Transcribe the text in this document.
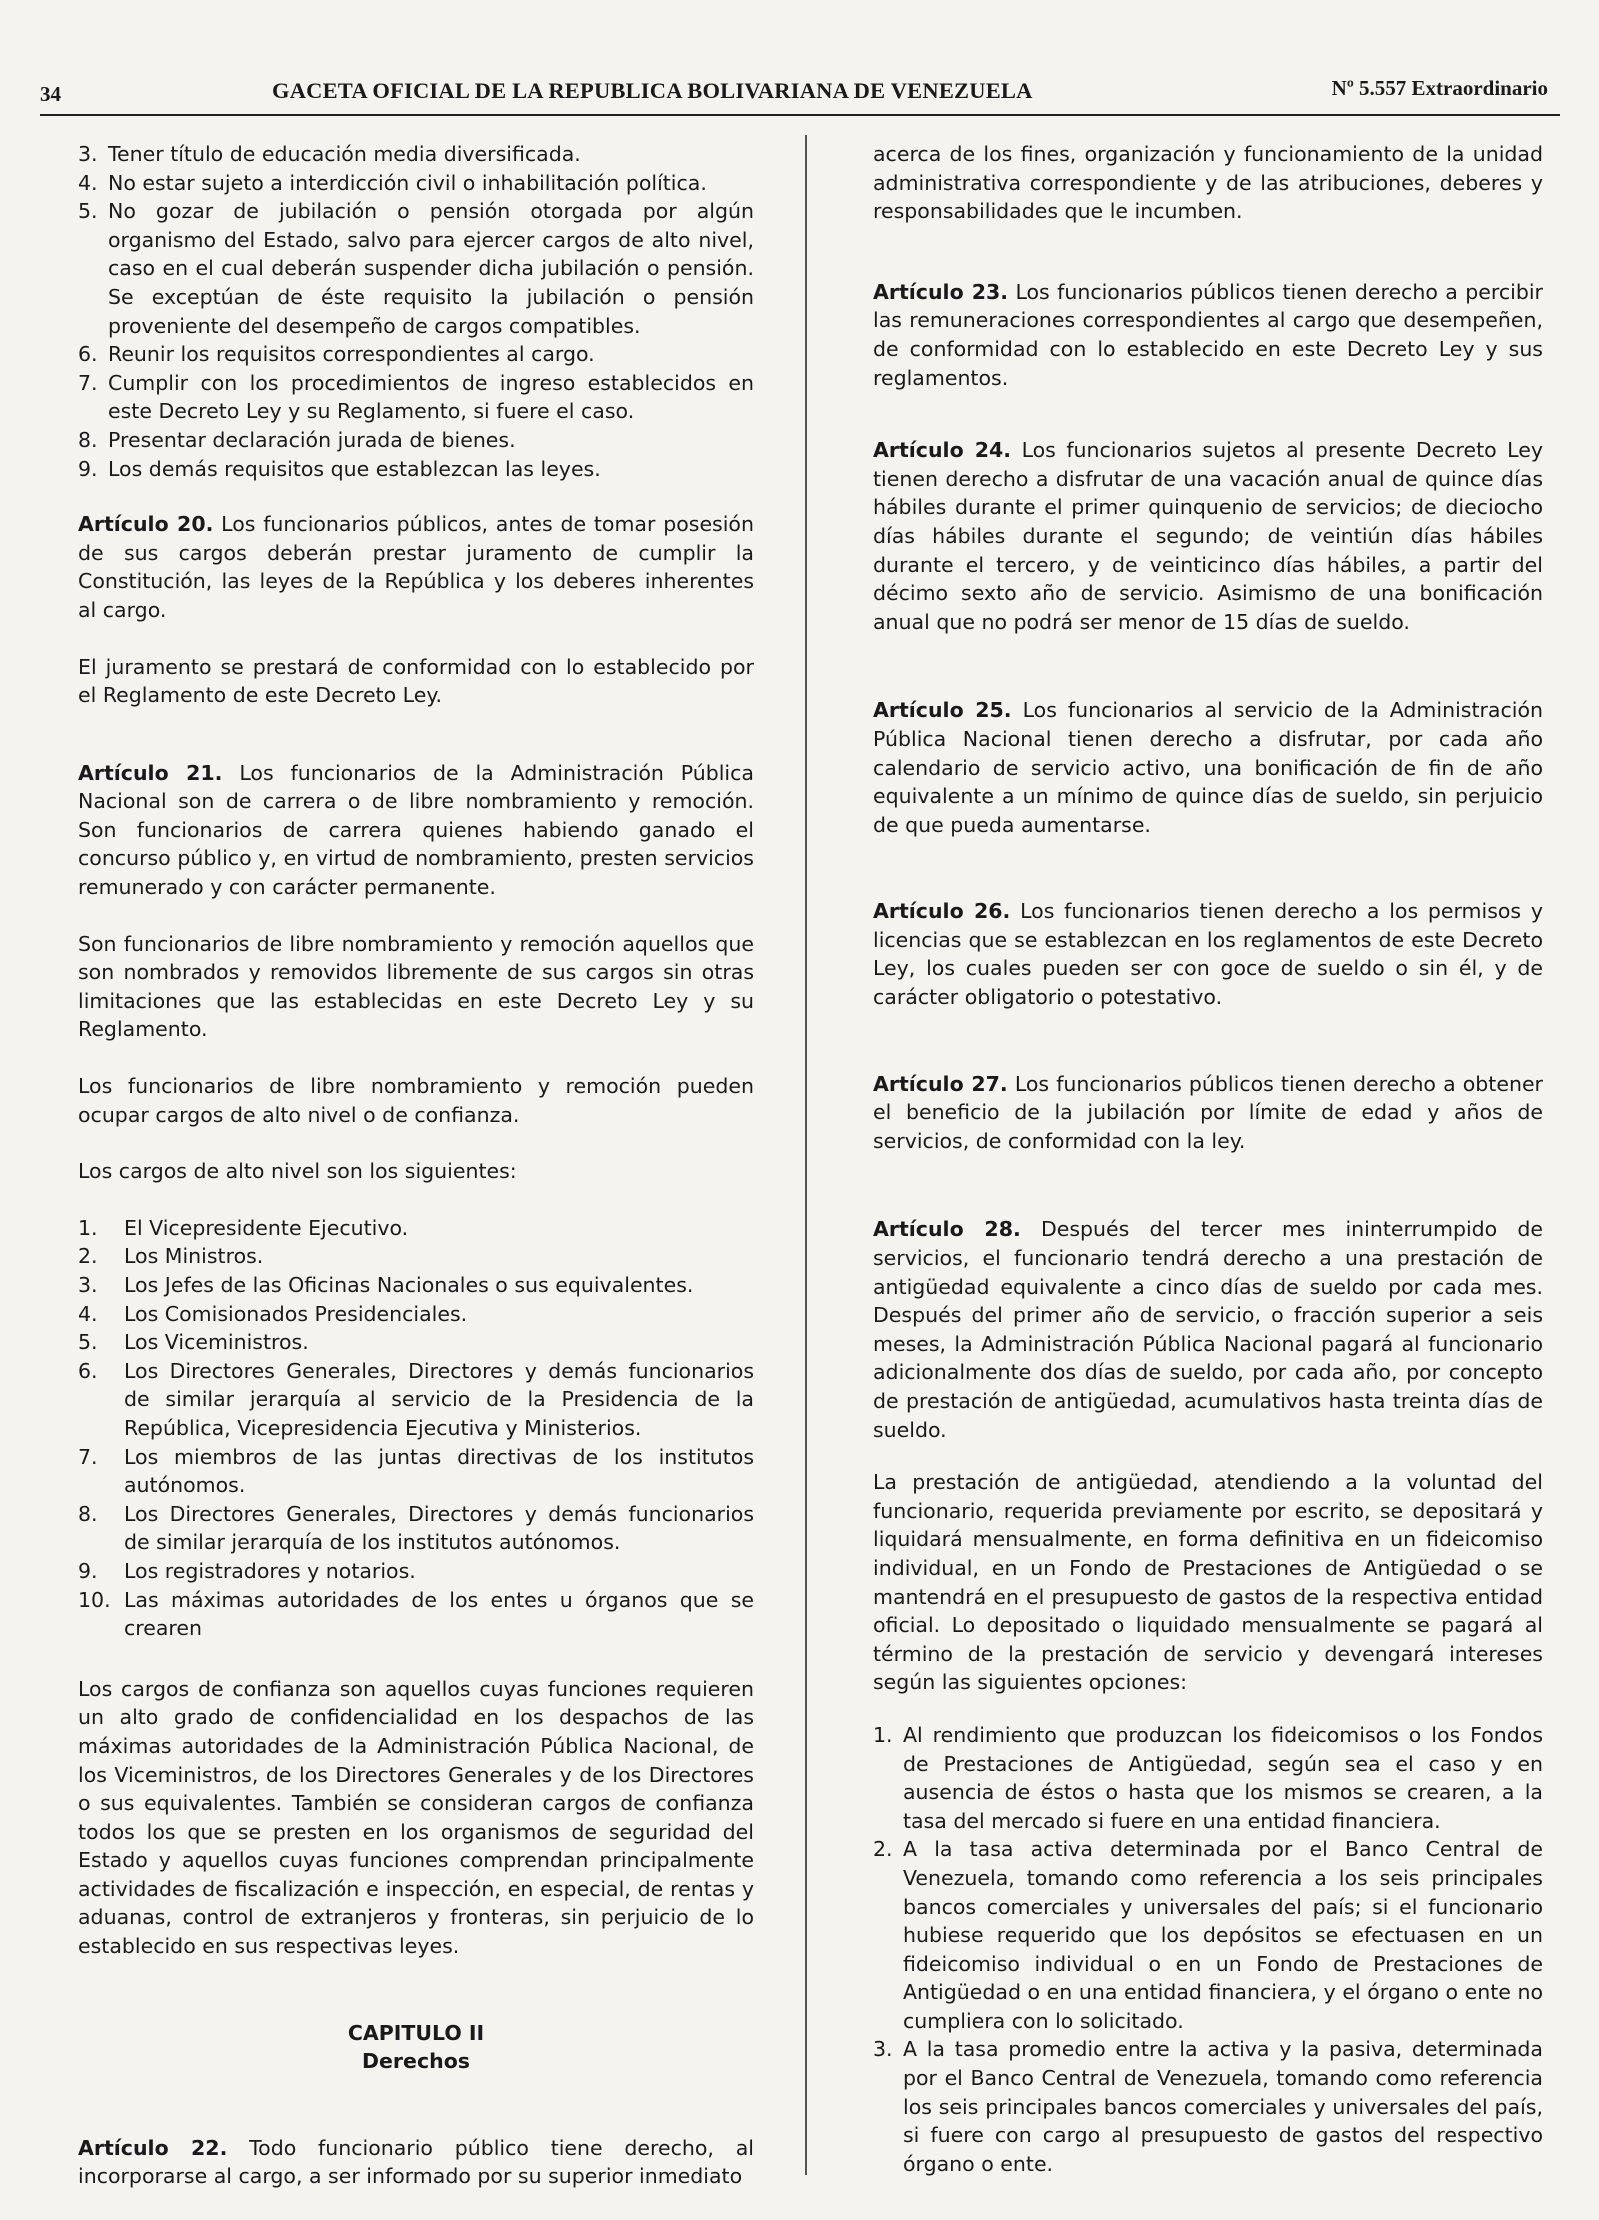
34	GACETA OFICIAL DE LA REPUBLICA BOLIVARIANA DE VENEZUELA	Nº 5.557 Extraordinario
3. Tener título de educación media diversificada.
4. No estar sujeto a interdicción civil o inhabilitación política.
5. No gozar de jubilación o pensión otorgada por algún organismo del Estado, salvo para ejercer cargos de alto nivel, caso en el cual deberán suspender dicha jubilación o pensión. Se exceptúan de éste requisito la jubilación o pensión proveniente del desempeño de cargos compatibles.
6. Reunir los requisitos correspondientes al cargo.
7. Cumplir con los procedimientos de ingreso establecidos en este Decreto Ley y su Reglamento, si fuere el caso.
8. Presentar declaración jurada de bienes.
9. Los demás requisitos que establezcan las leyes.

Artículo 20. Los funcionarios públicos, antes de tomar posesión de sus cargos deberán prestar juramento de cumplir la Constitución, las leyes de la República y los deberes inherentes al cargo.

El juramento se prestará de conformidad con lo establecido por el Reglamento de este Decreto Ley.

Artículo 21. Los funcionarios de la Administración Pública Nacional son de carrera o de libre nombramiento y remoción. Son funcionarios de carrera quienes habiendo ganado el concurso público y, en virtud de nombramiento, presten servicios remunerado y con carácter permanente.

Son funcionarios de libre nombramiento y remoción aquellos que son nombrados y removidos libremente de sus cargos sin otras limitaciones que las establecidas en este Decreto Ley y su Reglamento.

Los funcionarios de libre nombramiento y remoción pueden ocupar cargos de alto nivel o de confianza.

Los cargos de alto nivel son los siguientes:

1. El Vicepresidente Ejecutivo.
2. Los Ministros.
3. Los Jefes de las Oficinas Nacionales o sus equivalentes.
4. Los Comisionados Presidenciales.
5. Los Viceministros.
6. Los Directores Generales, Directores y demás funcionarios de similar jerarquía al servicio de la Presidencia de la República, Vicepresidencia Ejecutiva y Ministerios.
7. Los miembros de las juntas directivas de los institutos autónomos.
8. Los Directores Generales, Directores y demás funcionarios de similar jerarquía de los institutos autónomos.
9. Los registradores y notarios.
10. Las máximas autoridades de los entes u órganos que se crearen

Los cargos de confianza son aquellos cuyas funciones requieren un alto grado de confidencialidad en los despachos de las máximas autoridades de la Administración Pública Nacional, de los Viceministros, de los Directores Generales y de los Directores o sus equivalentes. También se consideran cargos de confianza todos los que se presten en los organismos de seguridad del Estado y aquellos cuyas funciones comprendan principalmente actividades de fiscalización e inspección, en especial, de rentas y aduanas, control de extranjeros y fronteras, sin perjuicio de lo establecido en sus respectivas leyes.

CAPITULO II

Derechos

Artículo 22. Todo funcionario público tiene derecho, al incorporarse al cargo, a ser informado por su superior inmediato

acerca de los fines, organización y funcionamiento de la unidad administrativa correspondiente y de las atribuciones, deberes y responsabilidades que le incumben.

Artículo 23. Los funcionarios públicos tienen derecho a percibir las remuneraciones correspondientes al cargo que desempeñen, de conformidad con lo establecido en este Decreto Ley y sus reglamentos.

Artículo 24. Los funcionarios sujetos al presente Decreto Ley tienen derecho a disfrutar de una vacación anual de quince días hábiles durante el primer quinquenio de servicios; de dieciocho días hábiles durante el segundo; de veintiún días hábiles durante el tercero, y de veinticinco días hábiles, a partir del décimo sexto año de servicio. Asimismo de una bonificación anual que no podrá ser menor de 15 días de sueldo.

Artículo 25. Los funcionarios al servicio de la Administración Pública Nacional tienen derecho a disfrutar, por cada año calendario de servicio activo, una bonificación de fin de año equivalente a un mínimo de quince días de sueldo, sin perjuicio de que pueda aumentarse.

Artículo 26. Los funcionarios tienen derecho a los permisos y licencias que se establezcan en los reglamentos de este Decreto Ley, los cuales pueden ser con goce de sueldo o sin él, y de carácter obligatorio o potestativo.

Artículo 27. Los funcionarios públicos tienen derecho a obtener el beneficio de la jubilación por límite de edad y años de servicios, de conformidad con la ley.

Artículo 28. Después del tercer mes ininterrumpido de servicios, el funcionario tendrá derecho a una prestación de antigüedad equivalente a cinco días de sueldo por cada mes. Después del primer año de servicio, o fracción superior a seis meses, la Administración Pública Nacional pagará al funcionario adicionalmente dos días de sueldo, por cada año, por concepto de prestación de antigüedad, acumulativos hasta treinta días de sueldo.

La prestación de antigüedad, atendiendo a la voluntad del funcionario, requerida previamente por escrito, se depositará y liquidará mensualmente, en forma definitiva en un fideicomiso individual, en un Fondo de Prestaciones de Antigüedad o se mantendrá en el presupuesto de gastos de la respectiva entidad oficial. Lo depositado o liquidado mensualmente se pagará al término de la prestación de servicio y devengará intereses según las siguientes opciones:

1. Al rendimiento que produzcan los fideicomisos o los Fondos de Prestaciones de Antigüedad, según sea el caso y en ausencia de éstos o hasta que los mismos se crearen, a la tasa del mercado si fuere en una entidad financiera.
2. A la tasa activa determinada por el Banco Central de Venezuela, tomando como referencia a los seis principales bancos comerciales y universales del país; si el funcionario hubiese requerido que los depósitos se efectuasen en un fideicomiso individual o en un Fondo de Prestaciones de Antigüedad o en una entidad financiera, y el órgano o ente no cumpliera con lo solicitado.
3. A la tasa promedio entre la activa y la pasiva, determinada por el Banco Central de Venezuela, tomando como referencia los seis principales bancos comerciales y universales del país, si fuere con cargo al presupuesto de gastos del respectivo órgano o ente.
